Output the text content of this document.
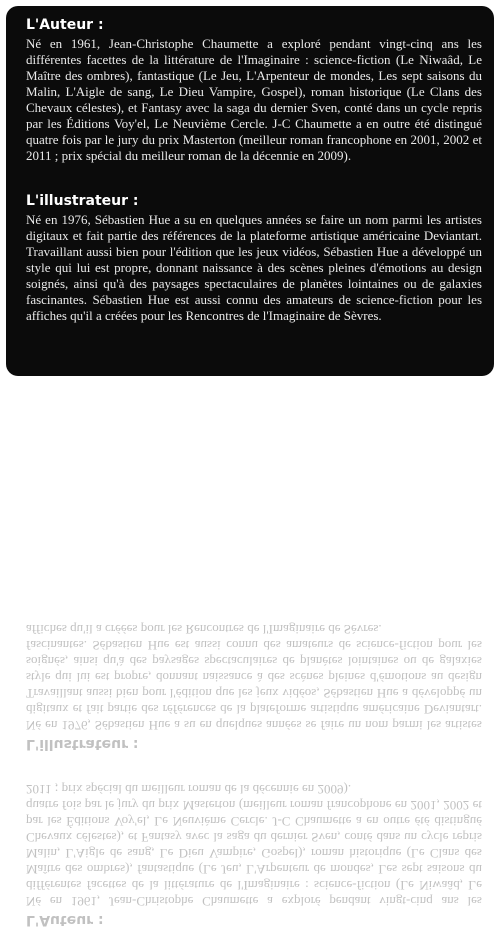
L'Auteur :

Né en 1961, Jean-Christophe Chaumette a exploré pendant vingt-cinq ans les différentes facettes de la littérature de l'Imaginaire : science-fiction (Le Niwaâd, Le Maître des ombres), fantastique (Le Jeu, L'Arpenteur de mondes, Les sept saisons du Malin, L'Aigle de sang, Le Dieu Vampire, Gospel), roman historique (Le Clans des Chevaux célestes), et Fantasy avec la saga du dernier Sven, conté dans un cycle repris par les Éditions Voy'el, Le Neuvième Cercle. J-C Chaumette a en outre été distingué quatre fois par le jury du prix Masterton (meilleur roman francophone en 2001, 2002 et 2011 ; prix spécial du meilleur roman de la décennie en 2009).

L'illustrateur :

Né en 1976, Sébastien Hue a su en quelques années se faire un nom parmi les artistes digitaux et fait partie des références de la plateforme artistique américaine Deviantart. Travaillant aussi bien pour l'édition que les jeux vidéos, Sébastien Hue a développé un style qui lui est propre, donnant naissance à des scènes pleines d'émotions au design soignés, ainsi qu'à des paysages spectaculaires de planètes lointaines ou de galaxies fascinantes. Sébastien Hue est aussi connu des amateurs de science-fiction pour les affiches qu'il a créées pour les Rencontres de l'Imaginaire de Sèvres.

L'Auteur :

Né en 1961, Jean-Christophe Chaumette a exploré pendant vingt-cinq ans les différentes facettes de la littérature de l'Imaginaire : science-fiction (Le Niwaâd, Le Maître des ombres), fantastique (Le Jeu, L'Arpenteur de mondes, Les sept saisons du Malin, L'Aigle de sang, Le Dieu Vampire, Gospel), roman historique (Le Clans des Chevaux célestes), et Fantasy avec la saga du dernier Sven, conté dans un cycle repris par les Éditions Voy'el, Le Neuvième Cercle. J-C Chaumette a en outre été distingué quatre fois par le jury du prix Masterton (meilleur roman francophone en 2001, 2002 et 2011 ; prix spécial du meilleur roman de la décennie en 2009).

L'illustrateur :

Né en 1976, Sébastien Hue a su en quelques années se faire un nom parmi les artistes digitaux et fait partie des références de la plateforme artistique américaine Deviantart. Travaillant aussi bien pour l'édition que les jeux vidéos, Sébastien Hue a développé un style qui lui est propre, donnant naissance à des scènes pleines d'émotions au design soignés, ainsi qu'à des paysages spectaculaires de planètes lointaines ou de galaxies fascinantes. Sébastien Hue est aussi connu des amateurs de science-fiction pour les affiches qu'il a créées pour les Rencontres de l'Imaginaire de Sèvres.
